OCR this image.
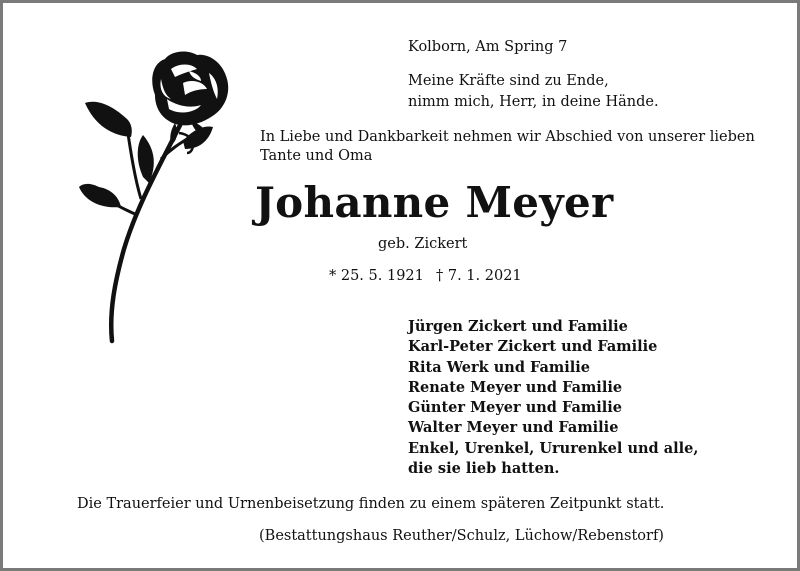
Kolborn, Am Spring 7
Meine Kräfte sind zu Ende,
nimm mich, Herr, in deine Hände.
In Liebe und Dankbarkeit nehmen wir Abschied von unserer lieben
Tante und Oma
Johanne Meyer
geb. Zickert
* 25. 5. 1921 † 7. 1. 2021
Jürgen Zickert und Familie
Karl-Peter Zickert und Familie
Rita Werk und Familie
Renate Meyer und Familie
Günter Meyer und Familie
Walter Meyer und Familie
Enkel, Urenkel, Ururenkel und alle,
die sie lieb hatten.
Die Trauerfeier und Urnenbeisetzung finden zu einem späteren Zeitpunkt statt.
(Bestattungshaus Reuther/Schulz, Lüchow/Rebenstorf)
